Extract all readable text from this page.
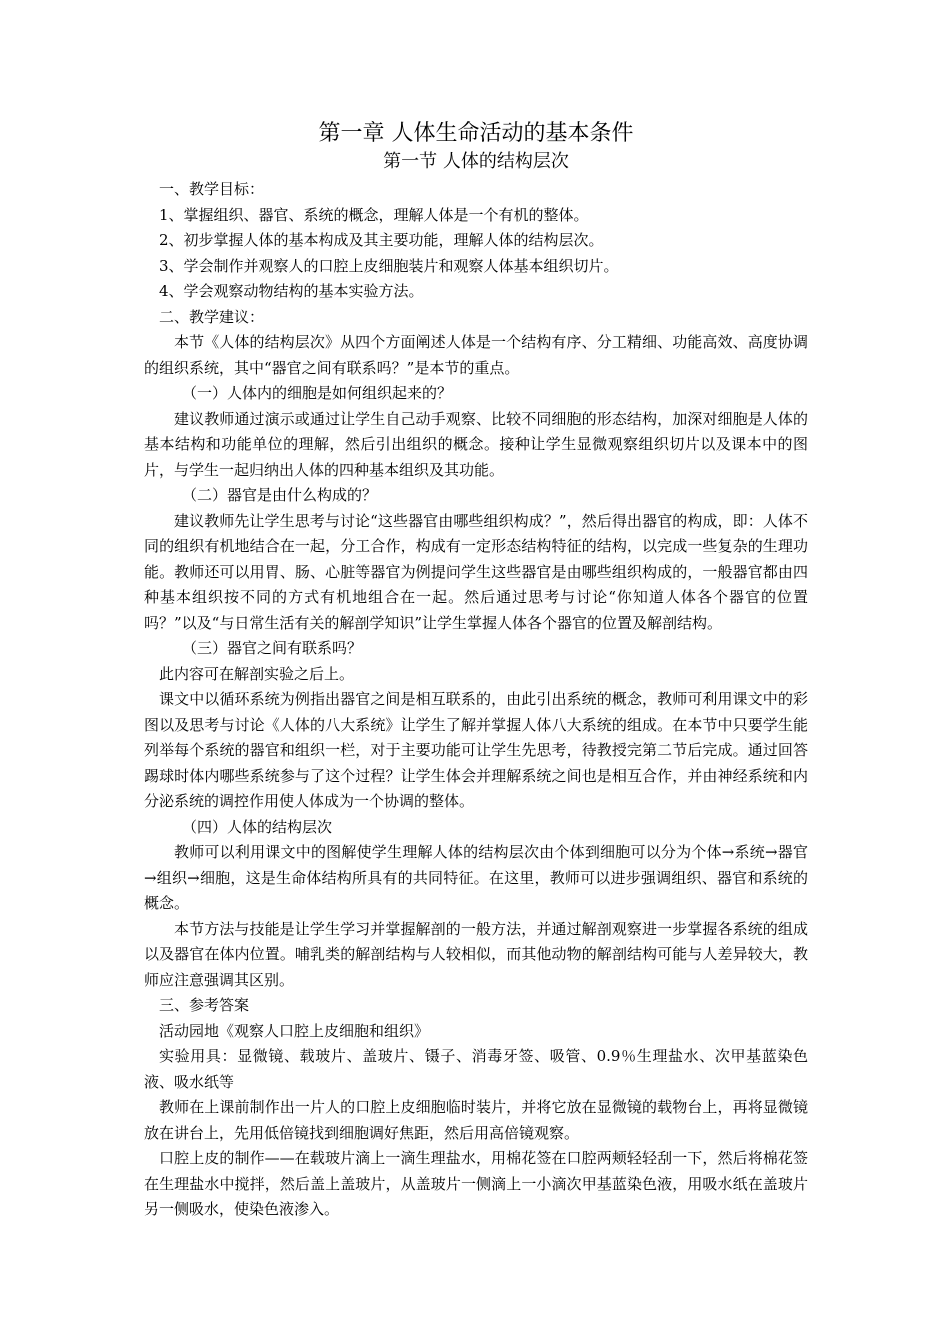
第一章 人体生命活动的基本条件
第一节 人体的结构层次

一、教学目标：

1、掌握组织、器官、系统的概念，理解人体是一个有机的整体。

2、初步掌握人体的基本构成及其主要功能，理解人体的结构层次。

3、学会制作并观察人的口腔上皮细胞装片和观察人体基本组织切片。

4、学会观察动物结构的基本实验方法。

二、教学建议：

本节《人体的结构层次》从四个方面阐述人体是一个结构有序、分工精细、功能高效、高度协调的组织系统，其中“器官之间有联系吗？”是本节的重点。

（一）人体内的细胞是如何组织起来的？

建议教师通过演示或通过让学生自己动手观察、比较不同细胞的形态结构，加深对细胞是人体的基本结构和功能单位的理解，然后引出组织的概念。接种让学生显微观察组织切片以及课本中的图片，与学生一起归纳出人体的四种基本组织及其功能。

（二）器官是由什么构成的？

建议教师先让学生思考与讨论“这些器官由哪些组织构成？”，然后得出器官的构成，即：人体不同的组织有机地结合在一起，分工合作，构成有一定形态结构特征的结构，以完成一些复杂的生理功能。教师还可以用胃、肠、心脏等器官为例提问学生这些器官是由哪些组织构成的，一般器官都由四种基本组织按不同的方式有机地组合在一起。然后通过思考与讨论“你知道人体各个器官的位置吗？”以及“与日常生活有关的解剖学知识”让学生掌握人体各个器官的位置及解剖结构。

（三）器官之间有联系吗？

此内容可在解剖实验之后上。

课文中以循环系统为例指出器官之间是相互联系的，由此引出系统的概念，教师可利用课文中的彩图以及思考与讨论《人体的八大系统》让学生了解并掌握人体八大系统的组成。在本节中只要学生能列举每个系统的器官和组织一栏，对于主要功能可让学生先思考，待教授完第二节后完成。通过回答踢球时体内哪些系统参与了这个过程？让学生体会并理解系统之间也是相互合作，并由神经系统和内分泌系统的调控作用使人体成为一个协调的整体。

（四）人体的结构层次

教师可以利用课文中的图解使学生理解人体的结构层次由个体到细胞可以分为个体→系统→器官→组织→细胞，这是生命体结构所具有的共同特征。在这里，教师可以进步强调组织、器官和系统的概念。

本节方法与技能是让学生学习并掌握解剖的一般方法，并通过解剖观察进一步掌握各系统的组成以及器官在体内位置。哺乳类的解剖结构与人较相似，而其他动物的解剖结构可能与人差异较大，教师应注意强调其区别。

三、参考答案

活动园地《观察人口腔上皮细胞和组织》

实验用具：显微镜、载玻片、盖玻片、镊子、消毒牙签、吸管、0.9％生理盐水、次甲基蓝染色液、吸水纸等

教师在上课前制作出一片人的口腔上皮细胞临时装片，并将它放在显微镜的载物台上，再将显微镜放在讲台上，先用低倍镜找到细胞调好焦距，然后用高倍镜观察。

口腔上皮的制作——在载玻片滴上一滴生理盐水，用棉花签在口腔两颊轻轻刮一下，然后将棉花签在生理盐水中搅拌，然后盖上盖玻片，从盖玻片一侧滴上一小滴次甲基蓝染色液，用吸水纸在盖玻片另一侧吸水，使染色液渗入。
